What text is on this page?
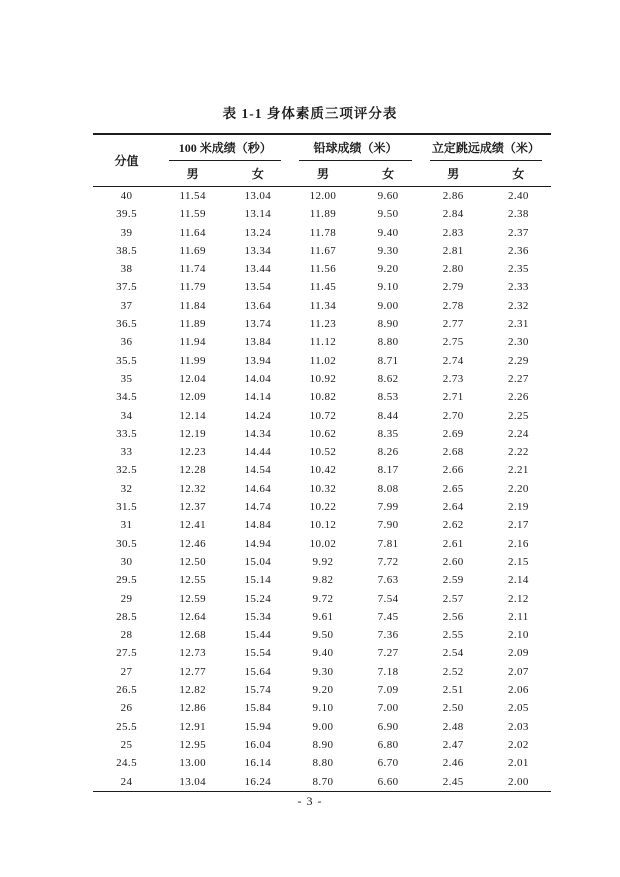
表 1-1 身体素质三项评分表
分值	100 米成绩（秒）		铅球成绩（米）		立定跳远成绩（米）	

	男	女	男	女	男	女
40	11.54	13.04	12.00	9.60	2.86	2.40
39.5	11.59	13.14	11.89	9.50	2.84	2.38
39	11.64	13.24	11.78	9.40	2.83	2.37
38.5	11.69	13.34	11.67	9.30	2.81	2.36
38	11.74	13.44	11.56	9.20	2.80	2.35
37.5	11.79	13.54	11.45	9.10	2.79	2.33
37	11.84	13.64	11.34	9.00	2.78	2.32
36.5	11.89	13.74	11.23	8.90	2.77	2.31
36	11.94	13.84	11.12	8.80	2.75	2.30
35.5	11.99	13.94	11.02	8.71	2.74	2.29
35	12.04	14.04	10.92	8.62	2.73	2.27
34.5	12.09	14.14	10.82	8.53	2.71	2.26
34	12.14	14.24	10.72	8.44	2.70	2.25
33.5	12.19	14.34	10.62	8.35	2.69	2.24
33	12.23	14.44	10.52	8.26	2.68	2.22
32.5	12.28	14.54	10.42	8.17	2.66	2.21
32	12.32	14.64	10.32	8.08	2.65	2.20
31.5	12.37	14.74	10.22	7.99	2.64	2.19
31	12.41	14.84	10.12	7.90	2.62	2.17
30.5	12.46	14.94	10.02	7.81	2.61	2.16
30	12.50	15.04	9.92	7.72	2.60	2.15
29.5	12.55	15.14	9.82	7.63	2.59	2.14
29	12.59	15.24	9.72	7.54	2.57	2.12
28.5	12.64	15.34	9.61	7.45	2.56	2.11
28	12.68	15.44	9.50	7.36	2.55	2.10
27.5	12.73	15.54	9.40	7.27	2.54	2.09
27	12.77	15.64	9.30	7.18	2.52	2.07
26.5	12.82	15.74	9.20	7.09	2.51	2.06
26	12.86	15.84	9.10	7.00	2.50	2.05
25.5	12.91	15.94	9.00	6.90	2.48	2.03
25	12.95	16.04	8.90	6.80	2.47	2.02
24.5	13.00	16.14	8.80	6.70	2.46	2.01
24	13.04	16.24	8.70	6.60	2.45	2.00
- 3 -
